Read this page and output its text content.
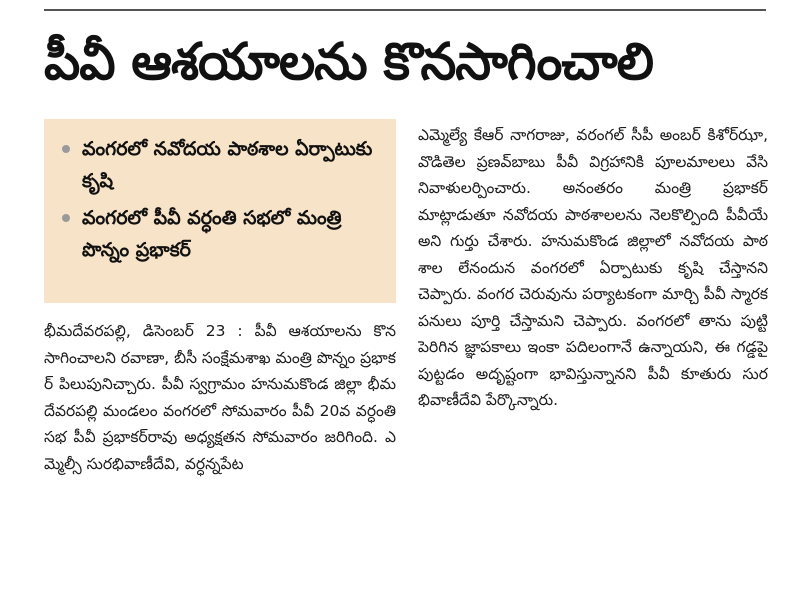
పీవీ ఆశయాలను కొనసాగించాలి
వంగరలో నవోదయ పాఠశాల ఏర్పాటుకు కృషి
వంగరలో పీవీ వర్ధంతి సభలో మంత్రి పొన్నం ప్రభాకర్
భీమదేవరపల్లి, డిసెంబర్ 23 : పీవీ ఆశయాలను కొనసాగించాలని రవాణా, బీసీ సంక్షేమశాఖ మంత్రి పొన్నం ప్రభాకర్ పిలుపునిచ్చారు. పీవీ స్వగ్రామం హనుమకొండ జిల్లా భీమదేవరపల్లి మండలం వంగరలో సోమవారం పీవీ 20వ వర్ధంతి సభ పీవీ ప్రభాకర్‌రావు అధ్యక్షతన సోమవారం జరిగింది. ఎమ్మెల్సీ సురభివాణీదేవి, వర్ధన్నపేట
ఎమ్మెల్యే కేఆర్ నాగరాజు, వరంగల్ సీపీ అంబర్ కిశోర్‌ఝా, వొడితెల ప్రణవ్‌బాబు పీవీ విగ్రహానికి పూలమాలలు వేసి నివాళులర్పించారు. అనంతరం మంత్రి ప్రభాకర్ మాట్లాడుతూ నవోదయ పాఠశాలలను నెలకొల్పింది పీవీయే అని గుర్తు చేశారు. హనుమకొండ జిల్లాలో నవోదయ పాఠశాల లేనందున వంగరలో ఏర్పాటుకు కృషి చేస్తానని చెప్పారు. వంగర చెరువును పర్యాటకంగా మార్చి పీవీ స్మారక పనులు పూర్తి చేస్తామని చెప్పారు. వంగరలో తాను పుట్టి పెరిగిన జ్ఞాపకాలు ఇంకా పదిలంగానే ఉన్నాయని, ఈ గడ్డపై పుట్టడం అదృష్టంగా భావిస్తున్నానని పీవీ కూతురు సురభివాణీదేవి పేర్కొన్నారు.
